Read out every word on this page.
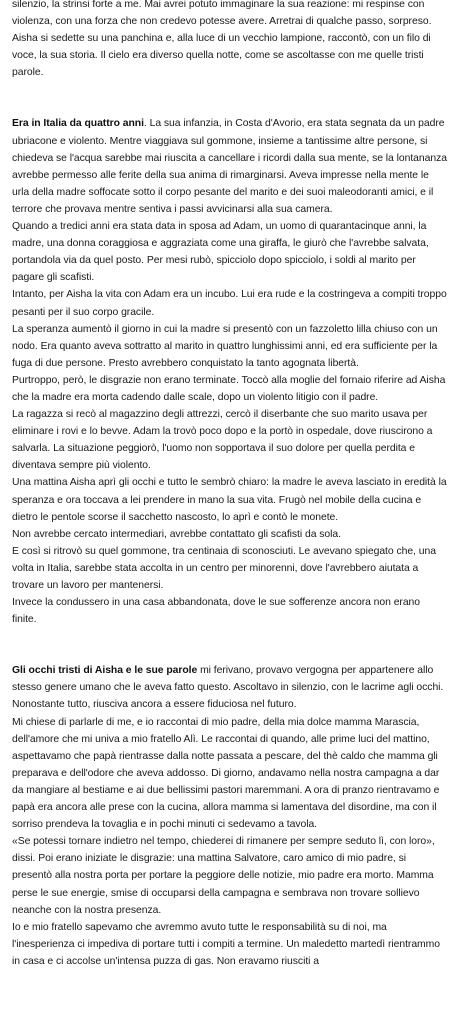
silenzio, la strinsi forte a me. Mai avrei potuto immaginare la sua reazione: mi respinse con violenza, con una forza che non credevo potesse avere. Arretrai di qualche passo, sorpreso. Aisha si sedette su una panchina e, alla luce di un vecchio lampione, raccontò, con un filo di voce, la sua storia. Il cielo era diverso quella notte, come se ascoltasse con me quelle tristi parole.

Era in Italia da quattro anni. La sua infanzia, in Costa d'Avorio, era stata segnata da un padre ubriacone e violento. Mentre viaggiava sul gommone, insieme a tantissime altre persone, si chiedeva se l'acqua sarebbe mai riuscita a cancellare i ricordi dalla sua mente, se la lontananza avrebbe permesso alle ferite della sua anima di rimarginarsi. Aveva impresse nella mente le urla della madre soffocate sotto il corpo pesante del marito e dei suoi maleodoranti amici, e il terrore che provava mentre sentiva i passi avvicinarsi alla sua camera.

Quando a tredici anni era stata data in sposa ad Adam, un uomo di quarantacinque anni, la madre, una donna coraggiosa e aggraziata come una giraffa, le giurò che l'avrebbe salvata, portandola via da quel posto. Per mesi rubò, spicciolo dopo spicciolo, i soldi al marito per pagare gli scafisti.

Intanto, per Aisha la vita con Adam era un incubo. Lui era rude e la costringeva a compiti troppo pesanti per il suo corpo gracile.

La speranza aumentò il giorno in cui la madre si presentò con un fazzoletto lilla chiuso con un nodo. Era quanto aveva sottratto al marito in quattro lunghissimi anni, ed era sufficiente per la fuga di due persone. Presto avrebbero conquistato la tanto agognata libertà.

Purtroppo, però, le disgrazie non erano terminate. Toccò alla moglie del fornaio riferire ad Aisha che la madre era morta cadendo dalle scale, dopo un violento litigio con il padre.

La ragazza si recò al magazzino degli attrezzi, cercò il diserbante che suo marito usava per eliminare i rovi e lo bevve. Adam la trovò poco dopo e la portò in ospedale, dove riuscirono a salvarla. La situazione peggiorò, l'uomo non sopportava il suo dolore per quella perdita e diventava sempre più violento.

Una mattina Aisha aprì gli occhi e tutto le sembrò chiaro: la madre le aveva lasciato in eredità la speranza e ora toccava a lei prendere in mano la sua vita. Frugò nel mobile della cucina e dietro le pentole scorse il sacchetto nascosto, lo aprì e contò le monete.

Non avrebbe cercato intermediari, avrebbe contattato gli scafisti da sola.

E così si ritrovò su quel gommone, tra centinaia di sconosciuti. Le avevano spiegato che, una volta in Italia, sarebbe stata accolta in un centro per minorenni, dove l'avrebbero aiutata a trovare un lavoro per mantenersi.

Invece la condussero in una casa abbandonata, dove le sue sofferenze ancora non erano finite.

Gli occhi tristi di Aisha e le sue parole mi ferivano, provavo vergogna per appartenere allo stesso genere umano che le aveva fatto questo. Ascoltavo in silenzio, con le lacrime agli occhi. Nonostante tutto, riusciva ancora a essere fiduciosa nel futuro.

Mi chiese di parlarle di me, e io raccontai di mio padre, della mia dolce mamma Marascia, dell'amore che mi univa a mio fratello Alì. Le raccontai di quando, alle prime luci del mattino, aspettavamo che papà rientrasse dalla notte passata a pescare, del thè caldo che mamma gli preparava e dell'odore che aveva addosso. Di giorno, andavamo nella nostra campagna a dar da mangiare al bestiame e ai due bellissimi pastori maremmani. A ora di pranzo rientravamo e papà era ancora alle prese con la cucina, allora mamma si lamentava del disordine, ma con il sorriso prendeva la tovaglia e in pochi minuti ci sedevamo a tavola.

«Se potessi tornare indietro nel tempo, chiederei di rimanere per sempre seduto lì, con loro», dissi. Poi erano iniziate le disgrazie: una mattina Salvatore, caro amico di mio padre, si presentò alla nostra porta per portare la peggiore delle notizie, mio padre era morto. Mamma perse le sue energie, smise di occuparsi della campagna e sembrava non trovare sollievo neanche con la nostra presenza.

Io e mio fratello sapevamo che avremmo avuto tutte le responsabilità su di noi, ma l'inesperienza ci impediva di portare tutti i compiti a termine. Un maledetto martedì rientrammo in casa e ci accolse un'intensa puzza di gas. Non eravamo riusciti a
